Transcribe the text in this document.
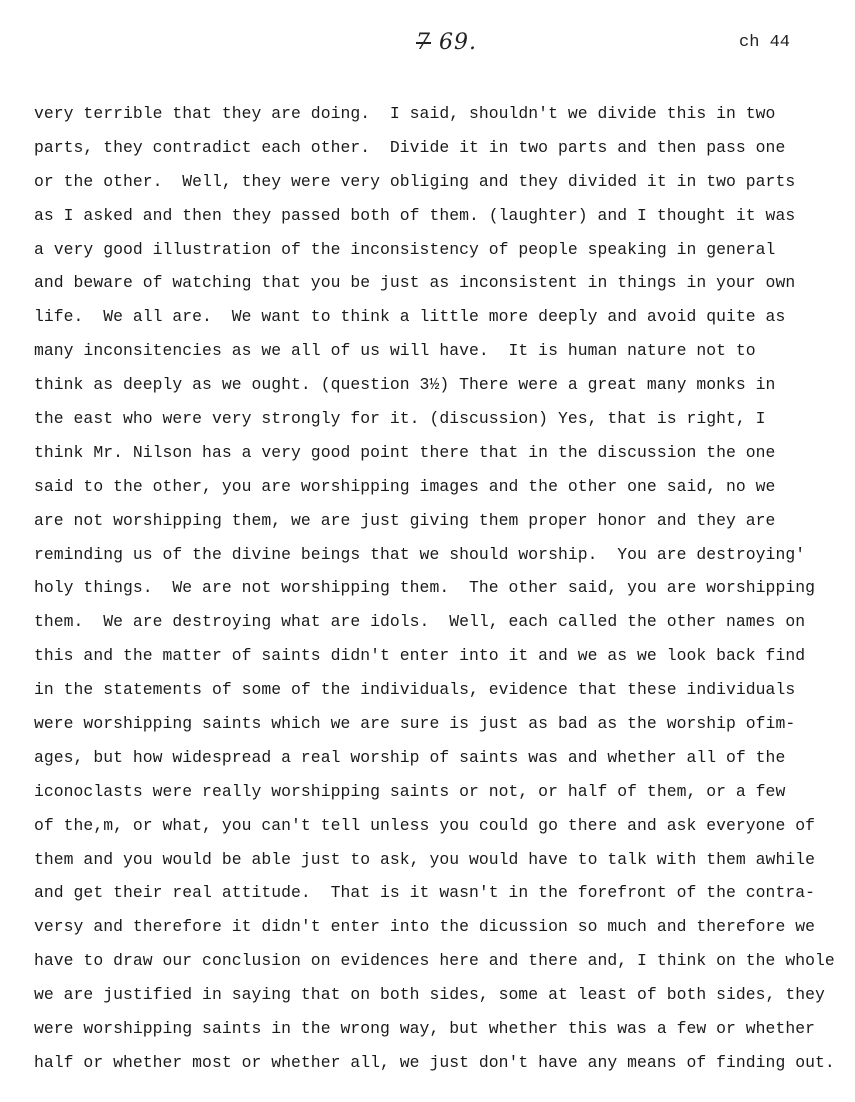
7 69.	ch 44
very terrible that they are doing.  I said, shouldn't we divide this in two
parts, they contradict each other.  Divide it in two parts and then pass one
or the other.  Well, they were very obliging and they divided it in two parts
as I asked and then they passed both of them. (laughter) and I thought it was
a very good illustration of the inconsistency of people speaking in general
and beware of watching that you be just as inconsistent in things in your own
life.  We all are.  We want to think a little more deeply and avoid quite as
many inconsitencies as we all of us will have.  It is human nature not to
think as deeply as we ought. (question 3½) There were a great many monks in
the east who were very strongly for it. (discussion) Yes, that is right, I
think Mr. Nilson has a very good point there that in the discussion the one
said to the other, you are worshipping images and the other one said, no we
are not worshipping them, we are just giving them proper honor and they are
reminding us of the divine beings that we should worship.  You are destroying'
holy things.  We are not worshipping them.  The other said, you are worshipping
them.  We are destroying what are idols.  Well, each called the other names on
this and the matter of saints didn't enter into it and we as we look back find
in the statements of some of the individuals, evidence that these individuals
were worshipping saints which we are sure is just as bad as the worship ofim-
ages, but how widespread a real worship of saints was and whether all of the
iconoclasts were really worshipping saints or not, or half of them, or a few
of the,m, or what, you can't tell unless you could go there and ask everyone of
them and you would be able just to ask, you would have to talk with them awhile
and get their real attitude.  That is it wasn't in the forefront of the contra-
versy and therefore it didn't enter into the dicussion so much and therefore we
have to draw our conclusion on evidences here and there and, I think on the whole
we are justified in saying that on both sides, some at least of both sides, they
were worshipping saints in the wrong way, but whether this was a few or whether
half or whether most or whether all, we just don't have any means of finding out.
